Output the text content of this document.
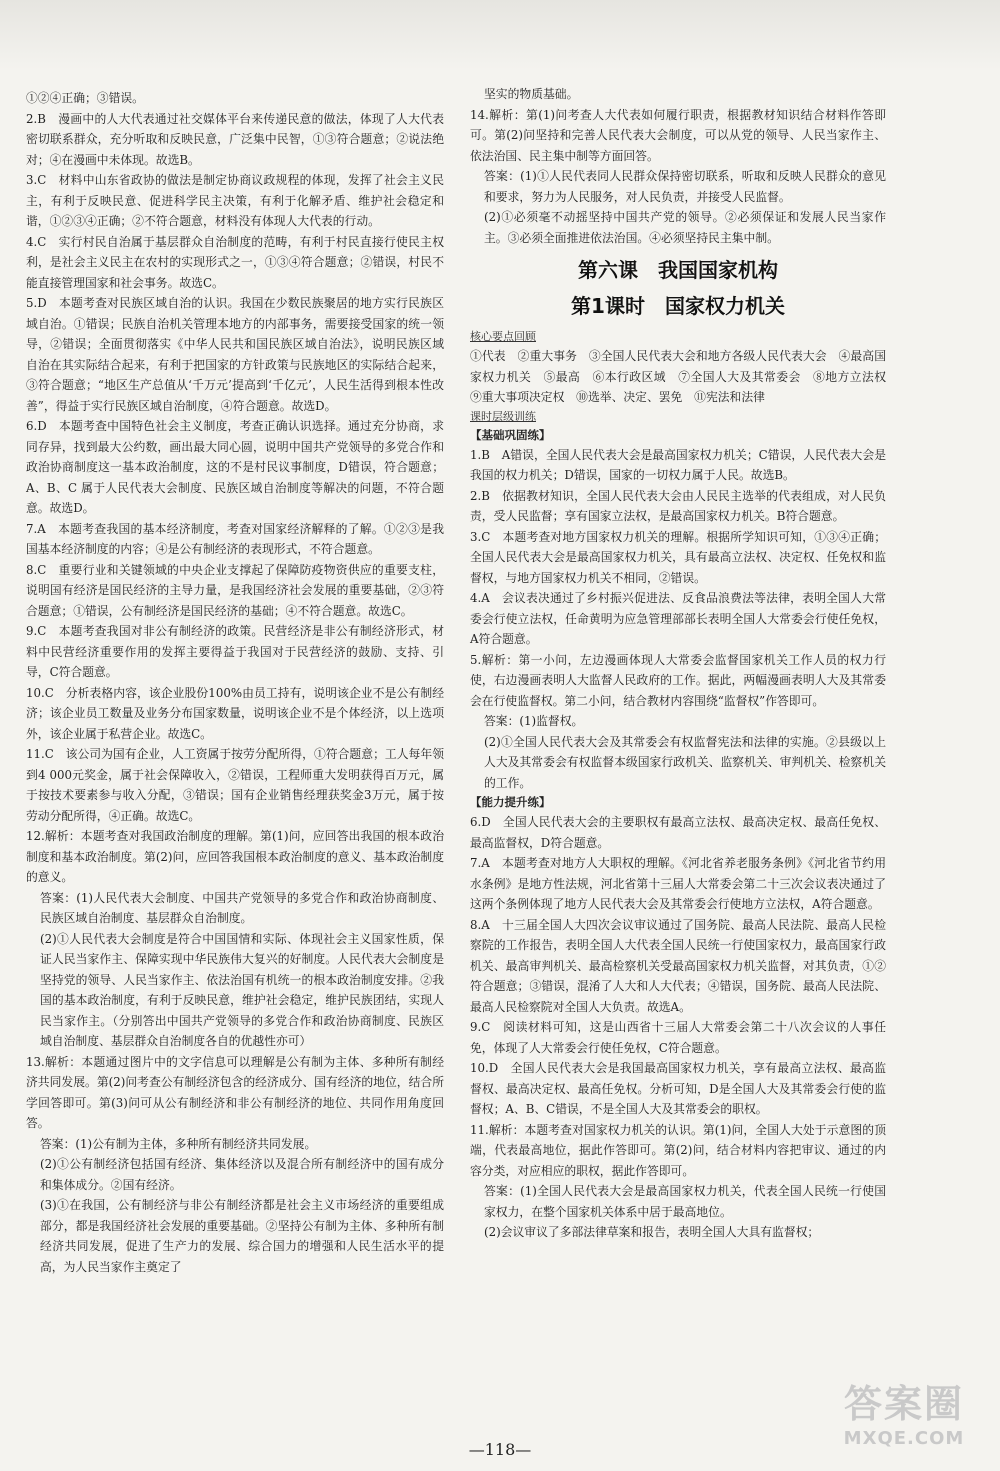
①②④正确；③错误。

2.B　漫画中的人大代表通过社交媒体平台来传递民意的做法，体现了人大代表密切联系群众，充分听取和反映民意，广泛集中民智，①③符合题意；②说法绝对；④在漫画中未体现。故选B。

3.C　材料中山东省政协的做法是制定协商议政规程的体现，发挥了社会主义民主，有利于反映民意、促进科学民主决策，有利于化解矛盾、维护社会稳定和谐，①②③④正确；②不符合题意，材料没有体现人大代表的行动。

4.C　实行村民自治属于基层群众自治制度的范畴，有利于村民直接行使民主权利，是社会主义民主在农村的实现形式之一，①③④符合题意；②错误，村民不能直接管理国家和社会事务。故选C。

5.D　本题考查对民族区域自治的认识。我国在少数民族聚居的地方实行民族区域自治。①错误；民族自治机关管理本地方的内部事务，需要接受国家的统一领导，②错误；全面贯彻落实《中华人民共和国民族区域自治法》，说明民族区域自治在其实际结合起来，有利于把国家的方针政策与民族地区的实际结合起来，③符合题意；“地区生产总值从‘千万元’提高到‘千亿元’，人民生活得到根本性改善”，得益于实行民族区域自治制度，④符合题意。故选D。

6.D　本题考查中国特色社会主义制度，考查正确认识选择。通过充分协商，求同存异，找到最大公约数，画出最大同心圆，说明中国共产党领导的多党合作和政治协商制度这一基本政治制度，这的不是村民议事制度，D错误，符合题意；A、B、C 属于人民代表大会制度、民族区域自治制度等解决的问题，不符合题意。故选D。

7.A　本题考查我国的基本经济制度，考查对国家经济解释的了解。①②③是我国基本经济制度的内容；④是公有制经济的表现形式，不符合题意。

8.C　重要行业和关键领域的中央企业支撑起了保障防疫物资供应的重要支柱，说明国有经济是国民经济的主导力量，是我国经济社会发展的重要基础，②③符合题意；①错误，公有制经济是国民经济的基础；④不符合题意。故选C。

9.C　本题考查我国对非公有制经济的政策。民营经济是非公有制经济形式，材料中民营经济重要作用的发挥主要得益于我国对于民营经济的鼓励、支持、引导，C符合题意。

10.C　分析表格内容，该企业股份100%由员工持有，说明该企业不是公有制经济；该企业员工数量及业务分布国家数量，说明该企业不是个体经济，以上选项外，该企业属于私营企业。故选C。

11.C　该公司为国有企业，人工资属于按劳分配所得，①符合题意；工人每年领到4 000元奖金，属于社会保障收入，②错误，工程师重大发明获得百万元，属于按技术要素参与收入分配，③错误；国有企业销售经理获奖金3万元，属于按劳动分配所得，④正确。故选C。

12.解析：本题考查对我国政治制度的理解。第(1)问，应回答出我国的根本政治制度和基本政治制度。第(2)问，应回答我国根本政治制度的意义、基本政治制度的意义。

答案：(1)人民代表大会制度、中国共产党领导的多党合作和政治协商制度、民族区域自治制度、基层群众自治制度。

(2)①人民代表大会制度是符合中国国情和实际、体现社会主义国家性质，保证人民当家作主、保障实现中华民族伟大复兴的好制度。人民代表大会制度是坚持党的领导、人民当家作主、依法治国有机统一的根本政治制度安排。②我国的基本政治制度，有利于反映民意，维护社会稳定，维护民族团结，实现人民当家作主。（分别答出中国共产党领导的多党合作和政治协商制度、民族区域自治制度、基层群众自治制度各自的优越性亦可）

13.解析：本题通过图片中的文字信息可以理解是公有制为主体、多种所有制经济共同发展。第(2)问考查公有制经济包含的经济成分、国有经济的地位，结合所学回答即可。第(3)问可从公有制经济和非公有制经济的地位、共同作用角度回答。

答案：(1)公有制为主体，多种所有制经济共同发展。

(2)①公有制经济包括国有经济、集体经济以及混合所有制经济中的国有成分和集体成分。②国有经济。

(3)①在我国，公有制经济与非公有制经济都是社会主义市场经济的重要组成部分，都是我国经济社会发展的重要基础。②坚持公有制为主体、多种所有制经济共同发展，促进了生产力的发展、综合国力的增强和人民生活水平的提高，为人民当家作主奠定了

坚实的物质基础。

14.解析：第(1)问考查人大代表如何履行职责，根据教材知识结合材料作答即可。第(2)问坚持和完善人民代表大会制度，可以从党的领导、人民当家作主、依法治国、民主集中制等方面回答。

答案：(1)①人民代表同人民群众保持密切联系，听取和反映人民群众的意见和要求，努力为人民服务，对人民负责，并接受人民监督。

(2)①必须毫不动摇坚持中国共产党的领导。②必须保证和发展人民当家作主。③必须全面推进依法治国。④必须坚持民主集中制。

第六课　我国国家机构
第1课时　国家权力机关
核心要点回顾

①代表　②重大事务　③全国人民代表大会和地方各级人民代表大会　④最高国家权力机关　⑤最高　⑥本行政区域　⑦全国人大及其常委会　⑧地方立法权　⑨重大事项决定权　⑩选举、决定、罢免　⑪宪法和法律

课时层级训练
【基础巩固练】

1.B　A错误，全国人民代表大会是最高国家权力机关；C错误，人民代表大会是我国的权力机关；D错误，国家的一切权力属于人民。故选B。

2.B　依据教材知识，全国人民代表大会由人民民主选举的代表组成，对人民负责，受人民监督；享有国家立法权，是最高国家权力机关。B符合题意。

3.C　本题考查对地方国家权力机关的理解。根据所学知识可知，①③④正确；全国人民代表大会是最高国家权力机关，具有最高立法权、决定权、任免权和监督权，与地方国家权力机关不相同，②错误。

4.A　会议表决通过了乡村振兴促进法、反食品浪费法等法律，表明全国人大常委会行使立法权，任命黄明为应急管理部部长表明全国人大常委会行使任免权，A符合题意。

5.解析：第一小问，左边漫画体现人大常委会监督国家机关工作人员的权力行使，右边漫画表明人大监督人民政府的工作。据此，两幅漫画表明人大及其常委会在行使监督权。第二小问，结合教材内容围绕“监督权”作答即可。

答案：(1)监督权。

(2)①全国人民代表大会及其常委会有权监督宪法和法律的实施。②县级以上人大及其常委会有权监督本级国家行政机关、监察机关、审判机关、检察机关的工作。

【能力提升练】

6.D　全国人民代表大会的主要职权有最高立法权、最高决定权、最高任免权、最高监督权，D符合题意。

7.A　本题考查对地方人大职权的理解。《河北省养老服务条例》《河北省节约用水条例》是地方性法规，河北省第十三届人大常委会第二十三次会议表决通过了这两个条例体现了地方人民代表大会及其常委会行使地方立法权，A符合题意。

8.A　十三届全国人大四次会议审议通过了国务院、最高人民法院、最高人民检察院的工作报告，表明全国人大代表全国人民统一行使国家权力，最高国家行政机关、最高审判机关、最高检察机关受最高国家权力机关监督，对其负责，①②符合题意；③错误，混淆了人大和人大代表；④错误，国务院、最高人民法院、最高人民检察院对全国人大负责。故选A。

9.C　阅读材料可知，这是山西省十三届人大常委会第二十八次会议的人事任免，体现了人大常委会行使任免权，C符合题意。

10.D　全国人民代表大会是我国最高国家权力机关，享有最高立法权、最高监督权、最高决定权、最高任免权。分析可知，D是全国人大及其常委会行使的监督权；A、B、C错误，不是全国人大及其常委会的职权。

11.解析：本题考查对国家权力机关的认识。第(1)问，全国人大处于示意图的顶端，代表最高地位，据此作答即可。第(2)问，结合材料内容把审议、通过的内容分类，对应相应的职权，据此作答即可。

答案：(1)全国人民代表大会是最高国家权力机关，代表全国人民统一行使国家权力，在整个国家机关体系中居于最高地位。

(2)会议审议了多部法律草案和报告，表明全国人大具有监督权；

—118—
答案圈
MXQE.COM
